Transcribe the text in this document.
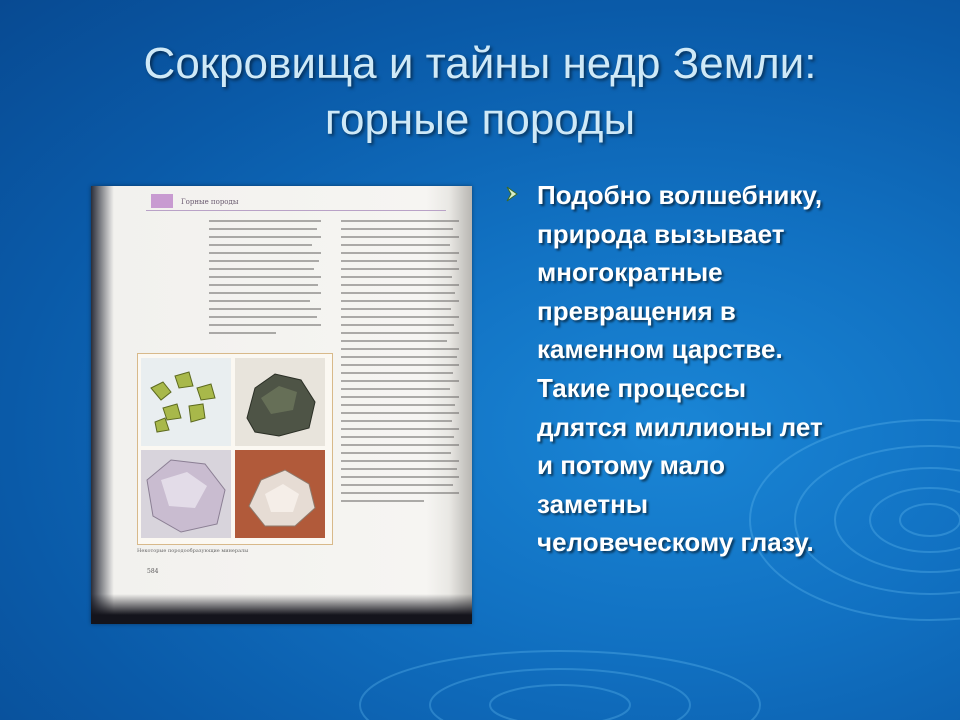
Сокровища и тайны недр Земли:
горные породы
Горные породы
Некоторые породообразующие минералы
584
Подобно волшебнику,
природа вызывает
многократные
превращения в
каменном царстве.
Такие процессы
длятся миллионы лет
и потому мало
заметны
человеческому глазу.
